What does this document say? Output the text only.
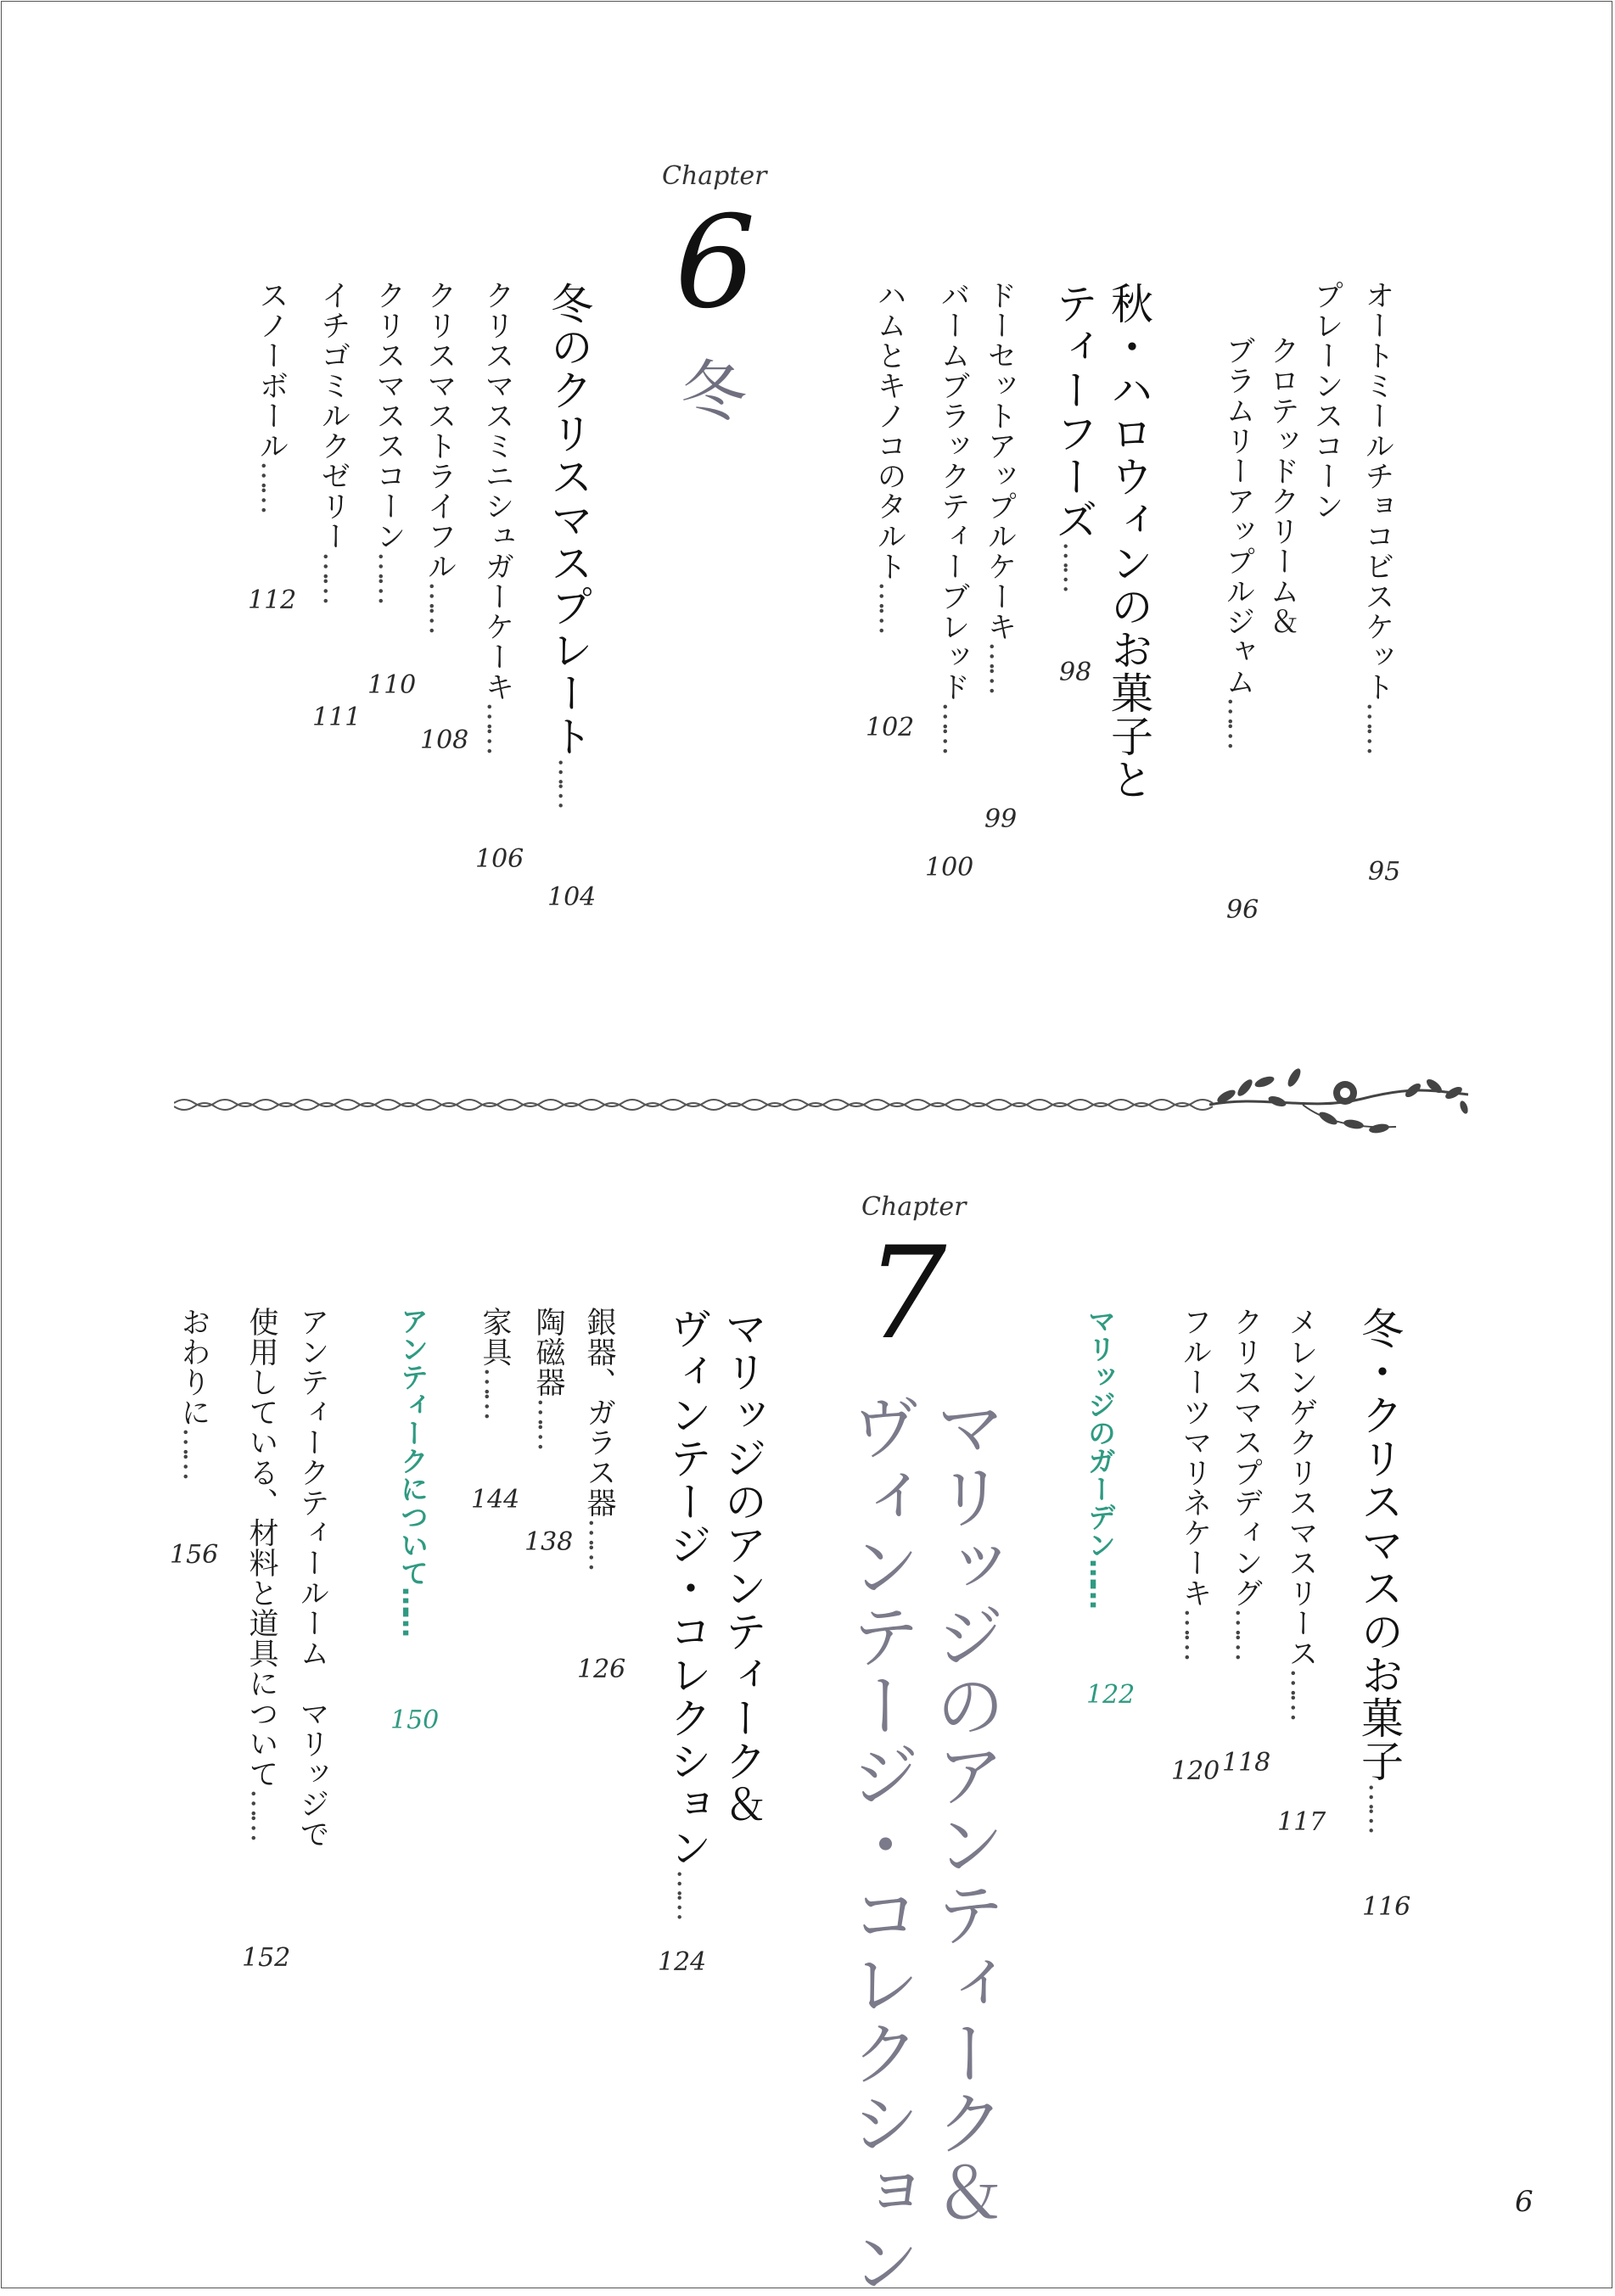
Chapter
6
冬	オートミールチョコビスケット……
95
プレーンスコーン
クロテッドクリーム＆
ブラムリーアップルジャム……
96
秋・ハロウィンのお菓子と
ティーフーズ……
98
ドーセットアップルケーキ……
99
バームブラックティーブレッド……
100
ハムとキノコのタルト……
102
冬のクリスマスプレート……
104
クリスマスミニシュガーケーキ……
106
クリスマストライフル……
108
クリスマススコーン……
110
イチゴミルクゼリー……
111
スノーボール……
112
Chapter
7
マリッジのアンティーク＆
ヴィンテージ・コレクション	冬・クリスマスのお菓子……
116
メレンゲクリスマスリース……
117
クリスマスプディング……
118
フルーツマリネケーキ……
120
マリッジのガーデン……
122
マリッジのアンティーク＆
ヴィンテージ・コレクション……
124
銀器、ガラス器……
126
陶磁器……
138
家具……
144
アンティークについて……
150
アンティークティールーム　マリッジで
使用している、材料と道具について……
152
おわりに……
156
6
